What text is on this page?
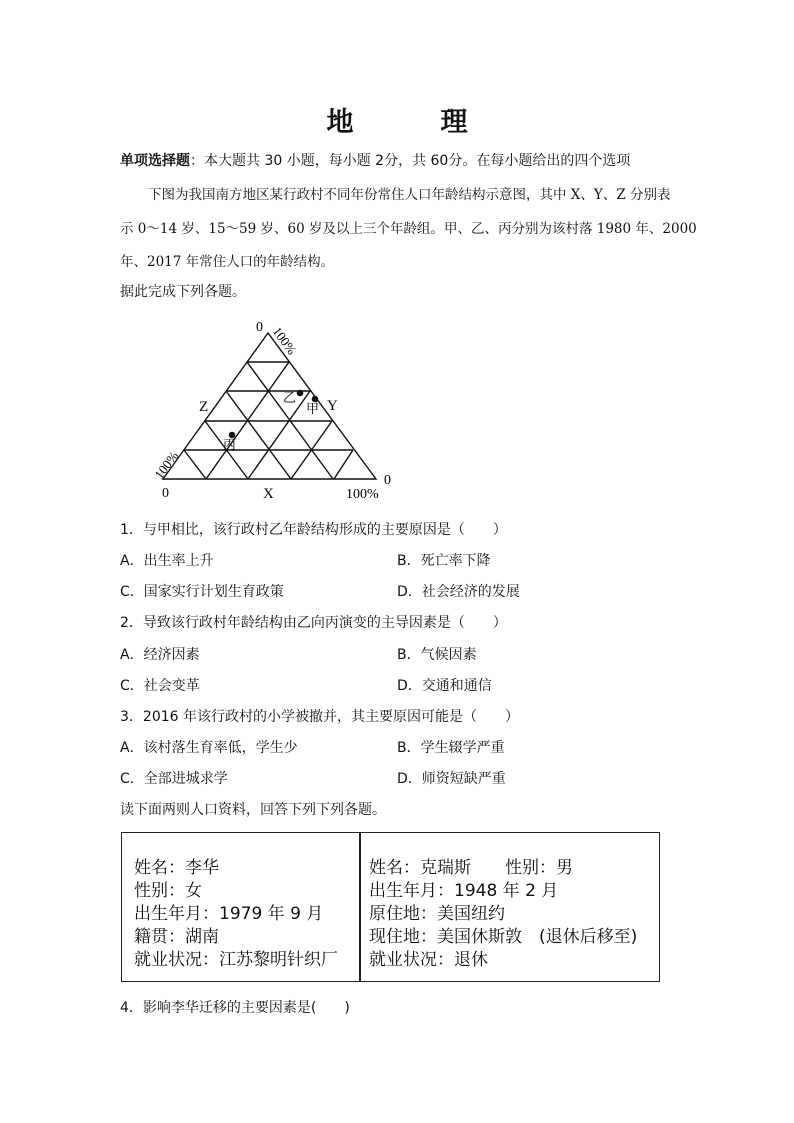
地　理
单项选择题：本大题共 30 小题，每小题 2分，共 60分。在每小题给出的四个选项
下图为我国南方地区某行政村不同年份常住人口年龄结构示意图，其中 X、Y、Z 分别表
示 0～14 岁、15～59 岁、60 岁及以上三个年龄组。甲、乙、丙分别为该村落 1980 年、2000
年、2017 年常住人口的年龄结构。
据此完成下列各题。
0 100%
Z	Y
100%
0	X	100%
0
乙
甲
丙
1．与甲相比，该行政村乙年龄结构形成的主要原因是（　　）
A．出生率上升	B．死亡率下降
C．国家实行计划生育政策	D．社会经济的发展
2．导致该行政村年龄结构由乙向丙演变的主导因素是（　　）
A．经济因素	B．气候因素
C．社会变革	D．交通和通信
3．2016 年该行政村的小学被撤并，其主要原因可能是（　　）
A．该村落生育率低，学生少	B．学生辍学严重
C．全部进城求学	D．师资短缺严重
读下面两则人口资料，回答下列下列各题。
姓名：李华
性别：女
出生年月：1979 年 9 月
籍贯：湖南
就业状况：江苏黎明针织厂
姓名：克瑞斯　　性别：男
出生年月：1948 年 2 月
原住地：美国纽约
现住地：美国休斯敦　(退休后移至)
就业状况：退休
4．影响李华迁移的主要因素是(　　)
